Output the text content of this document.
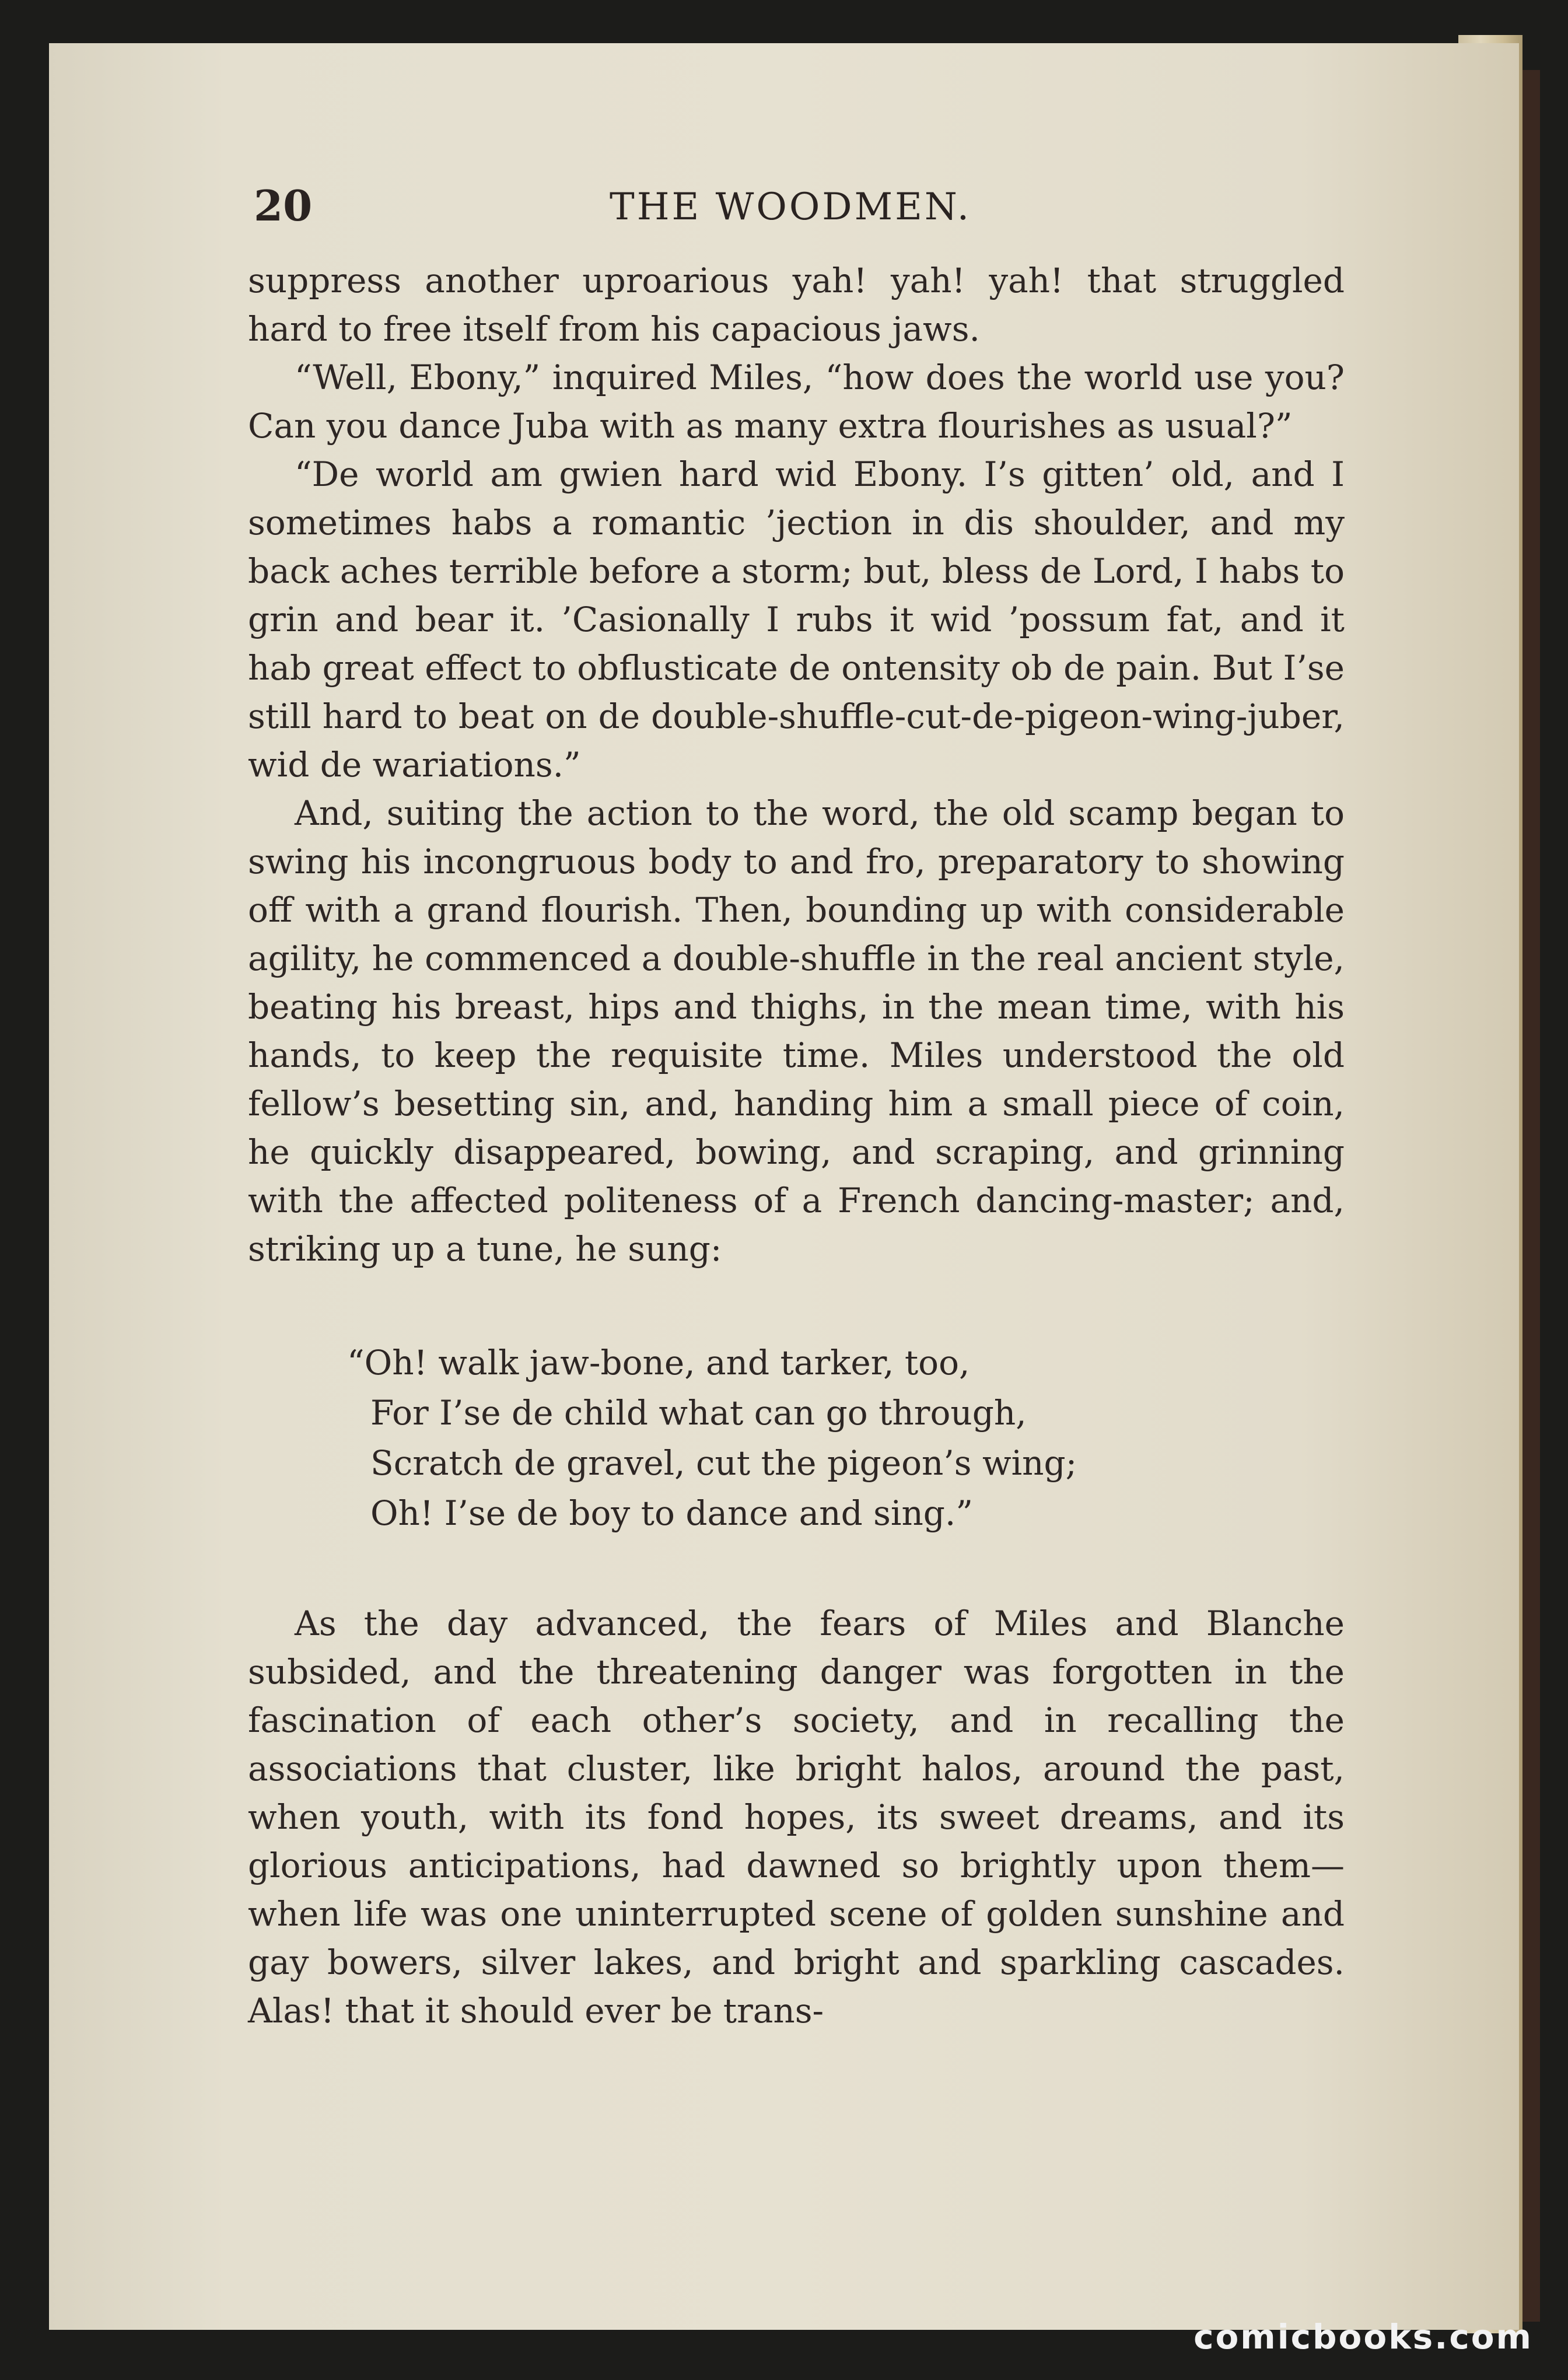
20	THE WOODMEN.

suppress another uproarious yah! yah! yah! that struggled hard to free itself from his capacious jaws.

“Well, Ebony,” inquired Miles, “how does the world use you? Can you dance Juba with as many extra flourishes as usual?”

“De world am gwien hard wid Ebony. I’s gitten’ old, and I sometimes habs a romantic ’jection in dis shoulder, and my back aches terrible before a storm; but, bless de Lord, I habs to grin and bear it. ’Casionally I rubs it wid ’possum fat, and it hab great effect to obflusticate de ontensity ob de pain. But I’se still hard to beat on de double-shuffle-cut-de-pigeon-wing-juber, wid de wariations.”

And, suiting the action to the word, the old scamp began to swing his incongruous body to and fro, preparatory to showing off with a grand flourish. Then, bounding up with considerable agility, he commenced a double-shuffle in the real ancient style, beating his breast, hips and thighs, in the mean time, with his hands, to keep the requisite time. Miles understood the old fellow’s besetting sin, and, handing him a small piece of coin, he quickly disappeared, bowing, and scraping, and grinning with the affected politeness of a French dancing-master; and, striking up a tune, he sung:

“Oh! walk jaw-bone, and tarker, too,
For I’se de child what can go through,
Scratch de gravel, cut the pigeon’s wing;
Oh! I’se de boy to dance and sing.”

As the day advanced, the fears of Miles and Blanche subsided, and the threatening danger was forgotten in the fascination of each other’s society, and in recalling the associations that cluster, like bright halos, around the past, when youth, with its fond hopes, its sweet dreams, and its glorious anticipations, had dawned so brightly upon them—when life was one uninterrupted scene of golden sunshine and gay bowers, silver lakes, and bright and sparkling cascades. Alas! that it should ever be trans-

comicbooks.com
